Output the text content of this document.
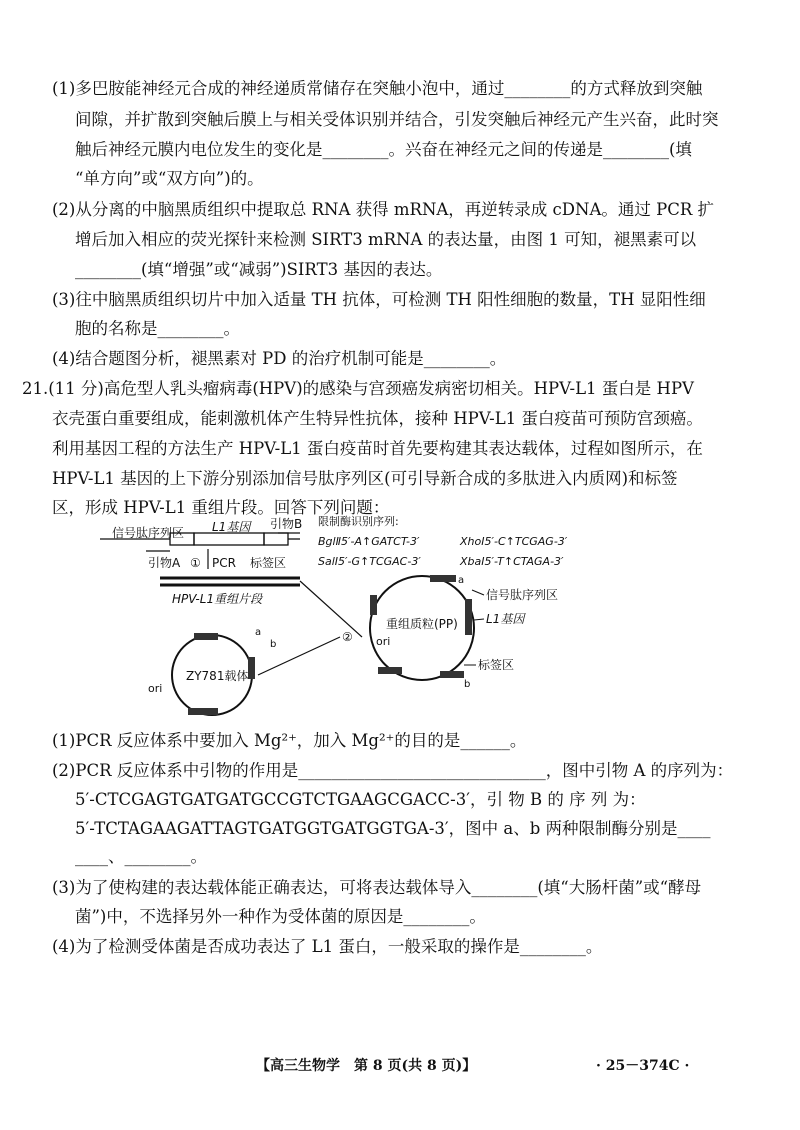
(1)多巴胺能神经元合成的神经递质常储存在突触小泡中，通过________的方式释放到突触
间隙，并扩散到突触后膜上与相关受体识别并结合，引发突触后神经元产生兴奋，此时突
触后神经元膜内电位发生的变化是________。兴奋在神经元之间的传递是________(填
“单方向”或“双方向”)的。
(2)从分离的中脑黑质组织中提取总 RNA 获得 mRNA，再逆转录成 cDNA。通过 PCR 扩
增后加入相应的荧光探针来检测 SIRT3 mRNA 的表达量，由图 1 可知，褪黑素可以
________(填“增强”或“减弱”)SIRT3 基因的表达。
(3)往中脑黑质组织切片中加入适量 TH 抗体，可检测 TH 阳性细胞的数量，TH 显阳性细
胞的名称是________。
(4)结合题图分析，褪黑素对 PD 的治疗机制可能是________。
21.(11 分)高危型人乳头瘤病毒(HPV)的感染与宫颈癌发病密切相关。HPV-L1 蛋白是 HPV
衣壳蛋白重要组成，能刺激机体产生特异性抗体，接种 HPV-L1 蛋白疫苗可预防宫颈癌。
利用基因工程的方法生产 HPV-L1 蛋白疫苗时首先要构建其表达载体，过程如图所示，在
HPV-L1 基因的上下游分别添加信号肽序列区(可引导新合成的多肽进入内质网)和标签
区，形成 HPV-L1 重组片段。回答下列问题：
信号肽序列区 L1基因 引物B
引物A ① PCR 标签区
HPV-L1重组片段
限制酶识别序列:
BglⅡ5′-A↑GATCT-3′	XhoⅠ5′-C↑TCGAG-3′
SalⅠ5′-G↑TCGAC-3′	XbaⅠ5′-T↑CTAGA-3′
ZY781载体
ori
a
b
②
重组质粒(PP)
ori
a
b
信号肽序列区
L1基因
标签区
(1)PCR 反应体系中要加入 Mg²⁺，加入 Mg²⁺的目的是______。
(2)PCR 反应体系中引物的作用是______________________________，图中引物 A 的序列为：
5′-CTCGAGTGATGATGCCGTCTGAAGCGACC-3′，引 物 B 的 序 列 为：
5′-TCTAGAAGATTAGTGATGGTGATGGTGA-3′，图中 a、b 两种限制酶分别是____
____、________。
(3)为了使构建的表达载体能正确表达，可将表达载体导入________(填“大肠杆菌”或“酵母
菌”)中，不选择另外一种作为受体菌的原因是________。
(4)为了检测受体菌是否成功表达了 L1 蛋白，一般采取的操作是________。
【高三生物学　第 8 页(共 8 页)】	· 25－374C ·
